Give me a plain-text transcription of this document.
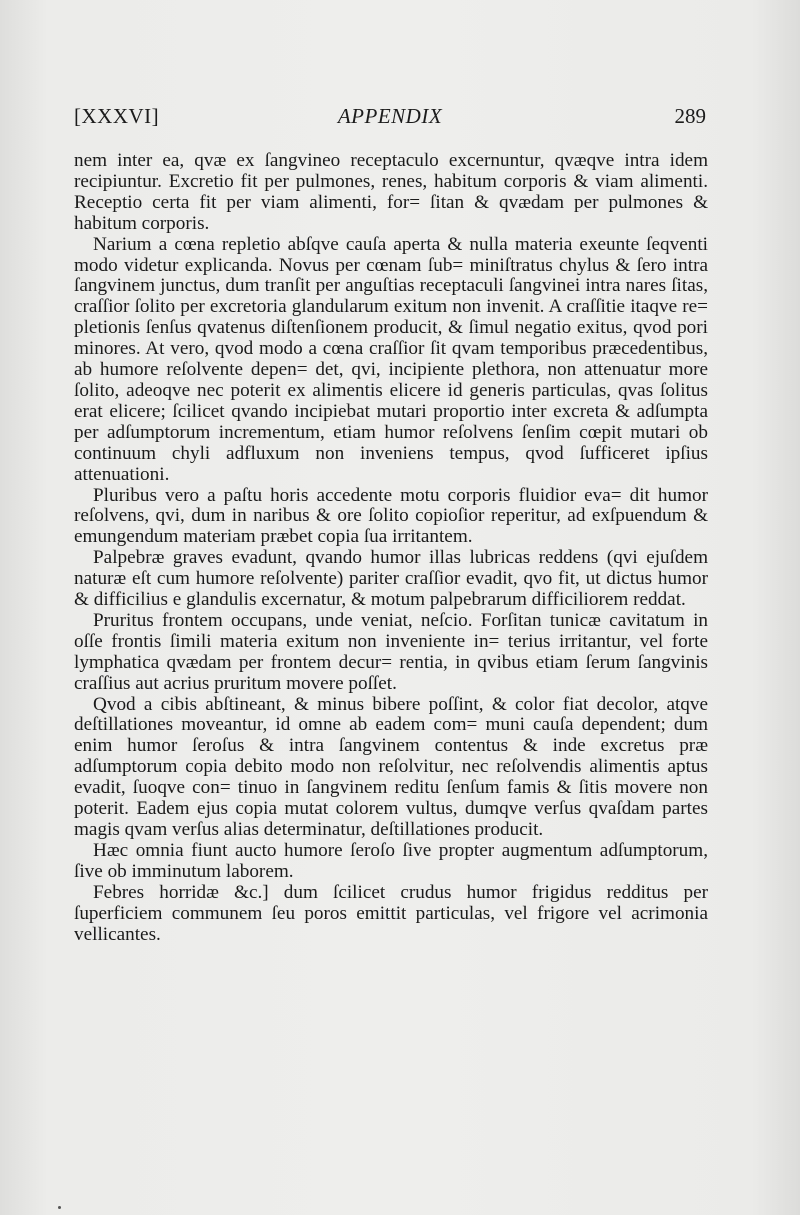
[XXXVI]	APPENDIX	289

nem inter ea, qvæ ex ſangvineo receptaculo excernuntur, qvæqve intra idem recipiuntur. Excretio fit per pulmones, renes, habitum corporis & viam alimenti. Receptio certa fit per viam alimenti, for= ſitan & qvædam per pulmones & habitum corporis.

Narium a cœna repletio abſqve cauſa aperta & nulla materia exeunte ſeqventi modo videtur explicanda. Novus per cœnam ſub= miniſtratus chylus & ſero intra ſangvinem junctus, dum tranſit per anguſtias receptaculi ſangvinei intra nares ſitas, craſſior ſolito per excretoria glandularum exitum non invenit. A craſſitie itaqve re= pletionis ſenſus qvatenus diſtenſionem producit, & ſimul negatio exitus, qvod pori minores. At vero, qvod modo a cœna craſſior ſit qvam temporibus præcedentibus, ab humore reſolvente depen= det, qvi, incipiente plethora, non attenuatur more ſolito, adeoqve nec poterit ex alimentis elicere id generis particulas, qvas ſolitus erat elicere; ſcilicet qvando incipiebat mutari proportio inter excreta & adſumpta per adſumptorum incrementum, etiam humor reſolvens ſenſim cœpit mutari ob continuum chyli adfluxum non inveniens tempus, qvod ſufficeret ipſius attenuationi.

Pluribus vero a paſtu horis accedente motu corporis fluidior eva= dit humor reſolvens, qvi, dum in naribus & ore ſolito copioſior reperitur, ad exſpuendum & emungendum materiam præbet copia ſua irritantem.

Palpebræ graves evadunt, qvando humor illas lubricas reddens (qvi ejuſdem naturæ eſt cum humore reſolvente) pariter craſſior evadit, qvo fit, ut dictus humor & difficilius e glandulis excernatur, & motum palpebrarum difficiliorem reddat.

Pruritus frontem occupans, unde veniat, neſcio. Forſitan tunicæ cavitatum in oſſe frontis ſimili materia exitum non inveniente in= terius irritantur, vel forte lymphatica qvædam per frontem decur= rentia, in qvibus etiam ſerum ſangvinis craſſius aut acrius pruritum movere poſſet.

Qvod a cibis abſtineant, & minus bibere poſſint, & color fiat decolor, atqve deſtillationes moveantur, id omne ab eadem com= muni cauſa dependent; dum enim humor ſeroſus & intra ſangvinem contentus & inde excretus præ adſumptorum copia debito modo non reſolvitur, nec reſolvendis alimentis aptus evadit, ſuoqve con= tinuo in ſangvinem reditu ſenſum famis & ſitis movere non poterit. Eadem ejus copia mutat colorem vultus, dumqve verſus qvaſdam partes magis qvam verſus alias determinatur, deſtillationes producit.

Hæc omnia fiunt aucto humore ſeroſo ſive propter augmentum adſumptorum, ſive ob imminutum laborem.

Febres horridæ &c.] dum ſcilicet crudus humor frigidus redditus per ſuperficiem communem ſeu poros emittit particulas, vel frigore vel acrimonia vellicantes.
